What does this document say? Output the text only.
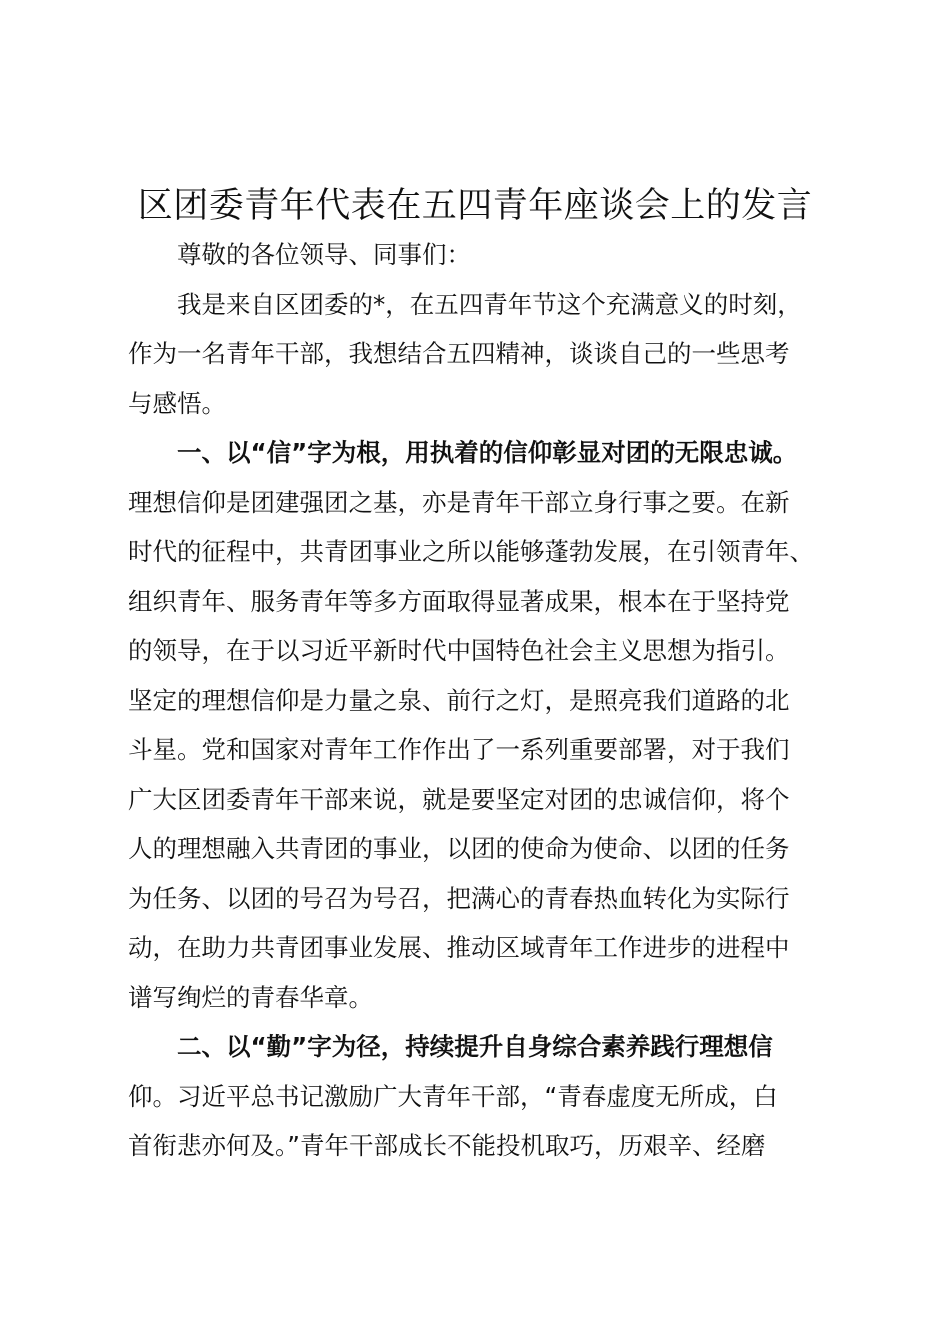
区团委青年代表在五四青年座谈会上的发言
尊敬的各位领导、同事们：
我是来自区团委的*，在五四青年节这个充满意义的时刻，
作为一名青年干部，我想结合五四精神，谈谈自己的一些思考
与感悟。
一、以“信”字为根，用执着的信仰彰显对团的无限忠诚。
理想信仰是团建强团之基，亦是青年干部立身行事之要。在新
时代的征程中，共青团事业之所以能够蓬勃发展，在引领青年、
组织青年、服务青年等多方面取得显著成果，根本在于坚持党
的领导，在于以习近平新时代中国特色社会主义思想为指引。
坚定的理想信仰是力量之泉、前行之灯，是照亮我们道路的北
斗星。党和国家对青年工作作出了一系列重要部署，对于我们
广大区团委青年干部来说，就是要坚定对团的忠诚信仰，将个
人的理想融入共青团的事业，以团的使命为使命、以团的任务
为任务、以团的号召为号召，把满心的青春热血转化为实际行
动，在助力共青团事业发展、推动区域青年工作进步的进程中
谱写绚烂的青春华章。
二、以“勤”字为径，持续提升自身综合素养践行理想信
仰。习近平总书记激励广大青年干部，“青春虚度无所成，白
首衔悲亦何及。”青年干部成长不能投机取巧，历艰辛、经磨
